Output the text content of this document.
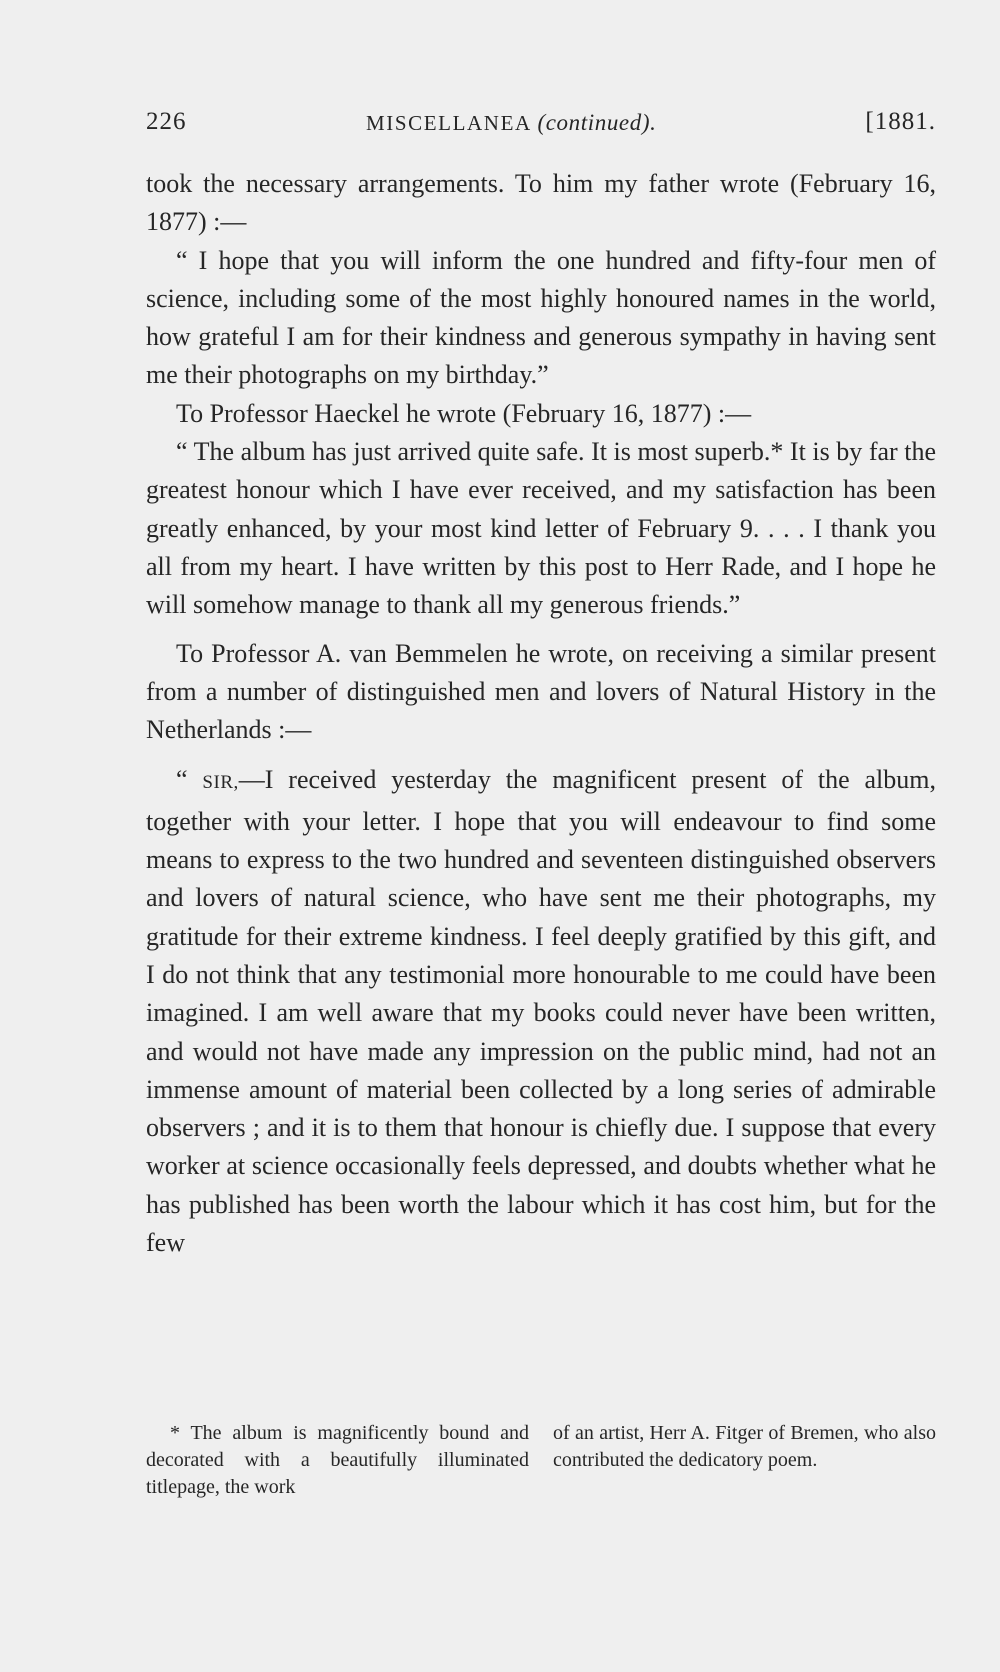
226	MISCELLANEA (continued).	[1881.

took the necessary arrangements. To him my father wrote (February 16, 1877) :—

“ I hope that you will inform the one hundred and fifty-four men of science, including some of the most highly honoured names in the world, how grateful I am for their kindness and generous sympathy in having sent me their photographs on my birthday.”

To Professor Haeckel he wrote (February 16, 1877) :—

“ The album has just arrived quite safe. It is most superb.* It is by far the greatest honour which I have ever received, and my satisfaction has been greatly enhanced, by your most kind letter of February 9. . . . I thank you all from my heart. I have written by this post to Herr Rade, and I hope he will somehow manage to thank all my generous friends.”

To Professor A. van Bemmelen he wrote, on receiving a similar present from a number of distinguished men and lovers of Natural History in the Netherlands :—

“ SIR,—I received yesterday the magnificent present of the album, together with your letter. I hope that you will endeavour to find some means to express to the two hundred and seventeen distinguished observers and lovers of natural science, who have sent me their photographs, my gratitude for their extreme kindness. I feel deeply gratified by this gift, and I do not think that any testimonial more honourable to me could have been imagined. I am well aware that my books could never have been written, and would not have made any impression on the public mind, had not an immense amount of material been collected by a long series of admirable observers ; and it is to them that honour is chiefly due. I suppose that every worker at science occasionally feels depressed, and doubts whether what he has published has been worth the labour which it has cost him, but for the few

* The album is magnificently bound and decorated with a beautifully illuminated titlepage, the work

of an artist, Herr A. Fitger of Bremen, who also contributed the dedicatory poem.
